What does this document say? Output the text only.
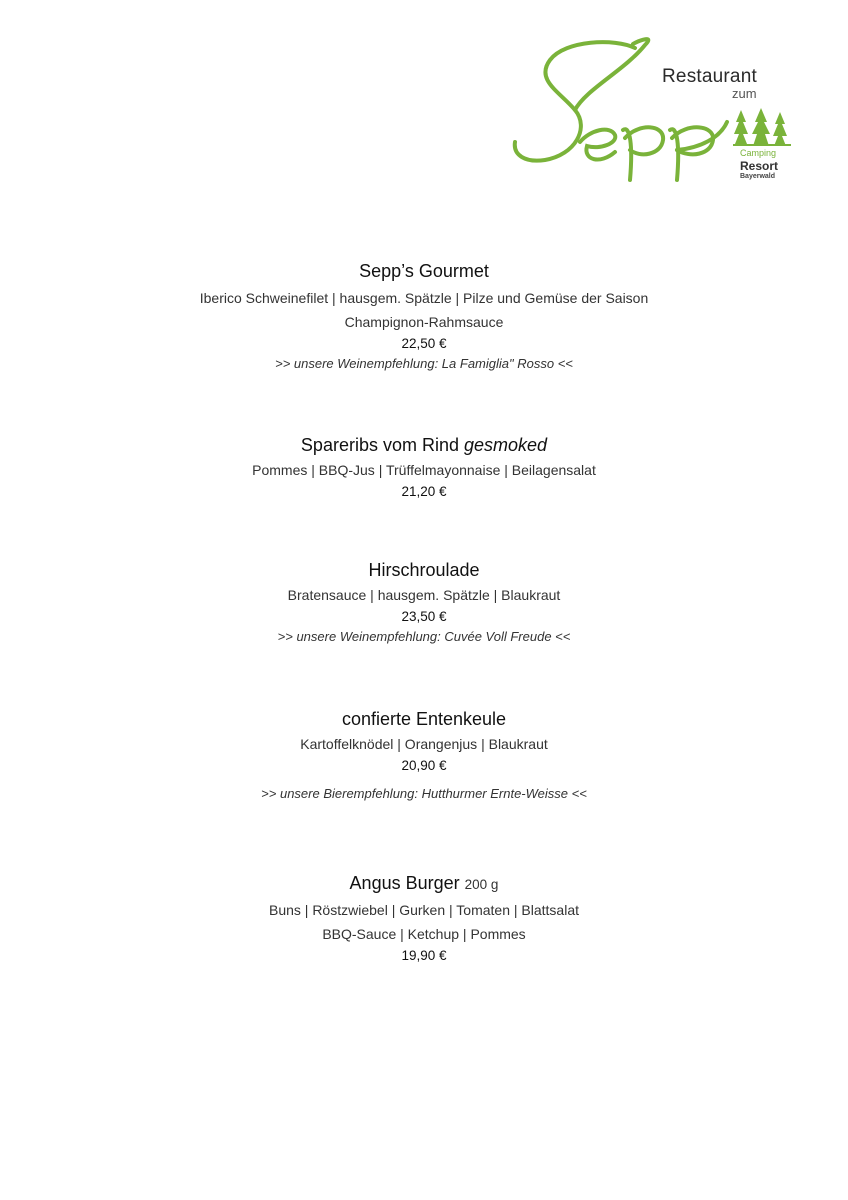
Restaurant
zum
Camping
Resort
Bayerwald
Sepp’s Gourmet
Iberico Schweinefilet | hausgem. Spätzle | Pilze und Gemüse der Saison
Champignon-Rahmsauce
22,50 €
>> unsere Weinempfehlung: La Famiglia" Rosso <<
Spareribs vom Rind gesmoked
Pommes | BBQ-Jus | Trüffelmayonnaise | Beilagensalat
21,20 €
Hirschroulade
Bratensauce | hausgem. Spätzle | Blaukraut
23,50 €
>> unsere Weinempfehlung: Cuvée Voll Freude <<
confierte Entenkeule
Kartoffelknödel | Orangenjus | Blaukraut
20,90 €
>> unsere Bierempfehlung: Hutthurmer Ernte-Weisse <<
Angus Burger 200 g
Buns | Röstzwiebel | Gurken | Tomaten | Blattsalat
BBQ-Sauce | Ketchup | Pommes
19,90 €
